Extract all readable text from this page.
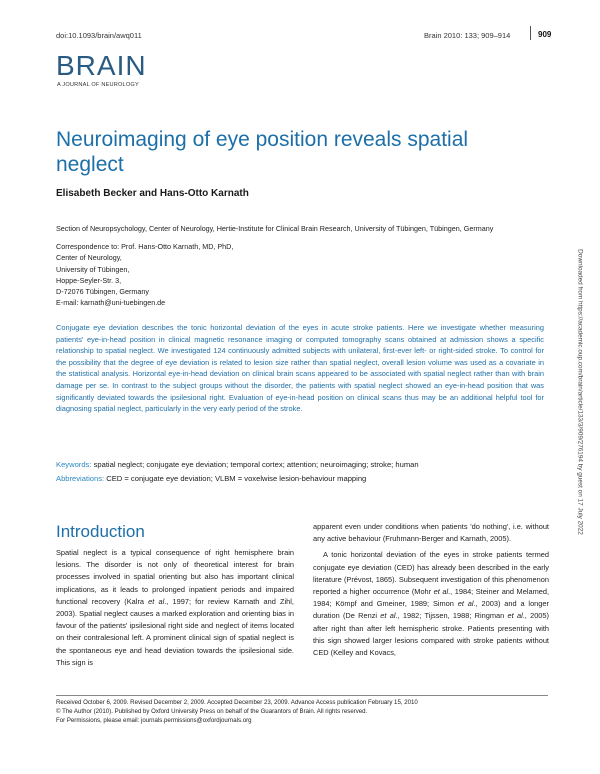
doi:10.1093/brain/awq011	Brain 2010: 133; 909–914	909
BRAIN
A JOURNAL OF NEUROLOGY
Neuroimaging of eye position reveals spatial neglect
Elisabeth Becker and Hans-Otto Karnath
Section of Neuropsychology, Center of Neurology, Hertie-Institute for Clinical Brain Research, University of Tübingen, Tübingen, Germany
Correspondence to: Prof. Hans-Otto Karnath, MD, PhD,
Center of Neurology,
University of Tübingen,
Hoppe-Seyler-Str. 3,
D-72076 Tübingen, Germany
E-mail: karnath@uni-tuebingen.de
Conjugate eye deviation describes the tonic horizontal deviation of the eyes in acute stroke patients. Here we investigate whether measuring patients' eye-in-head position in clinical magnetic resonance imaging or computed tomography scans obtained at admission shows a specific relationship to spatial neglect. We investigated 124 continuously admitted subjects with unilateral, first-ever left- or right-sided stroke. To control for the possibility that the degree of eye deviation is related to lesion size rather than spatial neglect, overall lesion volume was used as a covariate in the statistical analysis. Horizontal eye-in-head deviation on clinical brain scans appeared to be associated with spatial neglect rather than with brain damage per se. In contrast to the subject groups without the disorder, the patients with spatial neglect showed an eye-in-head position that was significantly deviated towards the ipsilesional right. Evaluation of eye-in-head position on clinical scans thus may be an additional helpful tool for diagnosing spatial neglect, particularly in the very early period of the stroke.
Keywords: spatial neglect; conjugate eye deviation; temporal cortex; attention; neuroimaging; stroke; human
Abbreviations: CED = conjugate eye deviation; VLBM = voxelwise lesion-behaviour mapping
Introduction

Spatial neglect is a typical consequence of right hemisphere brain lesions. The disorder is not only of theoretical interest for brain processes involved in spatial orienting but also has important clinical implications, as it leads to prolonged inpatient periods and impaired functional recovery (Kalra et al., 1997; for review Karnath and Zihl, 2003). Spatial neglect causes a marked exploration and orienting bias in favour of the patients' ipsilesional right side and neglect of items located on their contralesional left. A prominent clinical sign of spatial neglect is the spontaneous eye and head deviation towards the ipsilesional side. This sign is

apparent even under conditions when patients 'do nothing', i.e. without any active behaviour (Fruhmann-Berger and Karnath, 2005).

A tonic horizontal deviation of the eyes in stroke patients termed conjugate eye deviation (CED) has already been described in the early literature (Prévost, 1865). Subsequent investigation of this phenomenon reported a higher occurrence (Mohr et al., 1984; Steiner and Melamed, 1984; Kömpf and Gmeiner, 1989; Simon et al., 2003) and a longer duration (De Renzi et al., 1982; Tijssen, 1988; Ringman et al., 2005) after right than after left hemispheric stroke. Patients presenting with this sign showed larger lesions compared with stroke patients without CED (Kelley and Kovacs,

Received October 6, 2009. Revised December 2, 2009. Accepted December 23, 2009. Advance Access publication February 15, 2010
© The Author (2010). Published by Oxford University Press on behalf of the Guarantors of Brain. All rights reserved.
For Permissions, please email: journals.permissions@oxfordjournals.org
Downloaded from https://academic.oup.com/brain/article/133/3/909/276194 by guest on 17 July 2022
